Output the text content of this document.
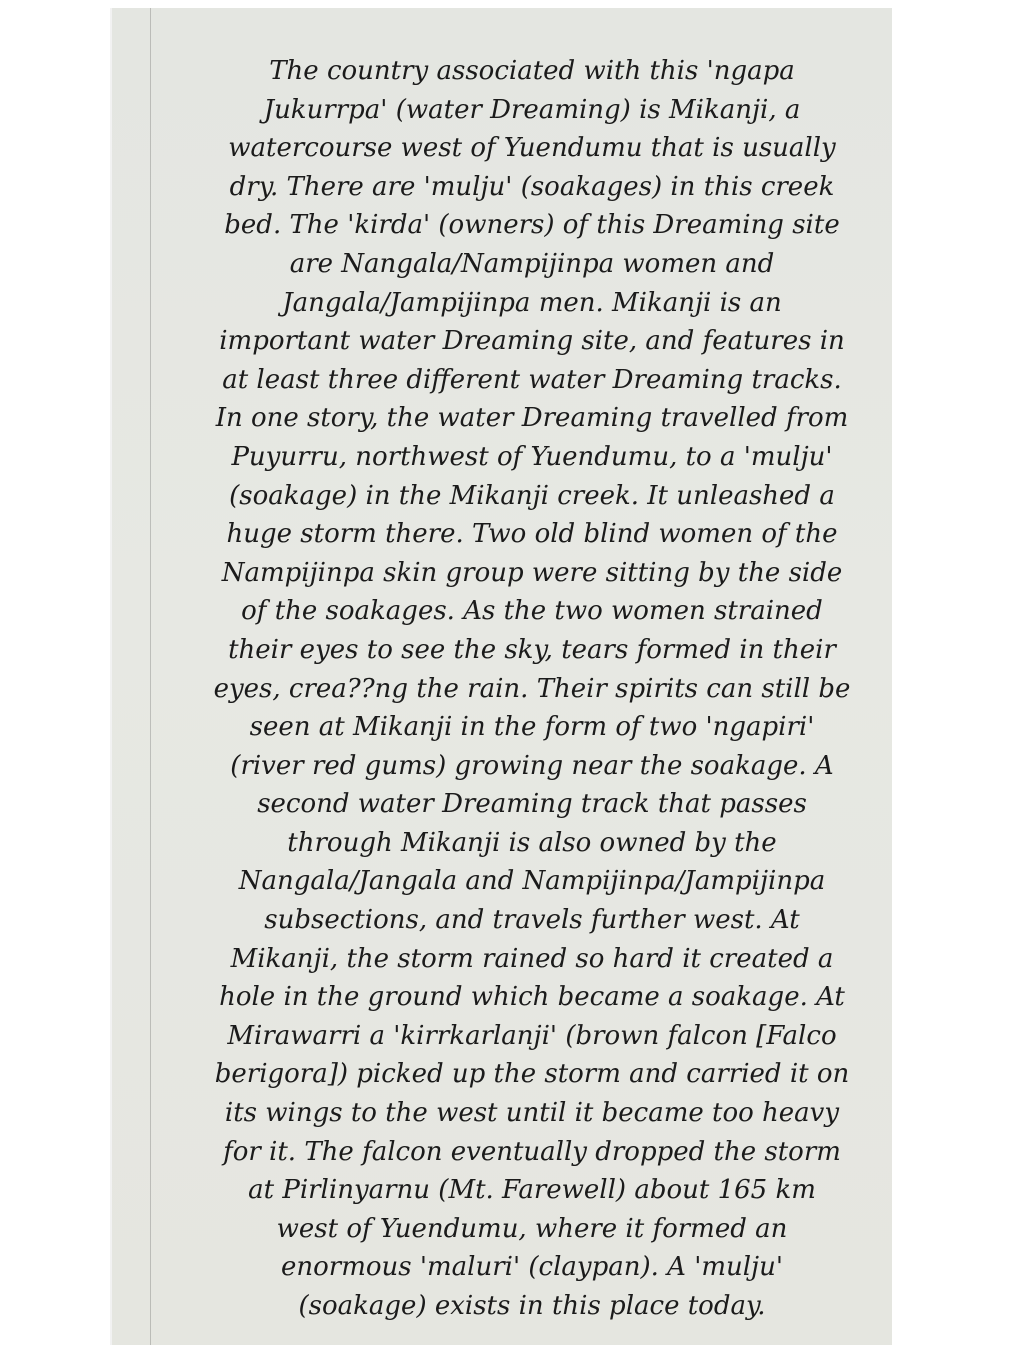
The country associated with this 'ngapa
Jukurrpa' (water Dreaming) is Mikanji, a
watercourse west of Yuendumu that is usually
dry. There are 'mulju' (soakages) in this creek
bed. The 'kirda' (owners) of this Dreaming site
are Nangala/Nampijinpa women and
Jangala/Jampijinpa men. Mikanji is an
important water Dreaming site, and features in
at least three different water Dreaming tracks.
In one story, the water Dreaming travelled from
Puyurru, northwest of Yuendumu, to a 'mulju'
(soakage) in the Mikanji creek. It unleashed a
huge storm there. Two old blind women of the
Nampijinpa skin group were sitting by the side
of the soakages. As the two women strained
their eyes to see the sky, tears formed in their
eyes, crea??ng the rain. Their spirits can still be
seen at Mikanji in the form of two 'ngapiri'
(river red gums) growing near the soakage. A
second water Dreaming track that passes
through Mikanji is also owned by the
Nangala/Jangala and Nampijinpa/Jampijinpa
subsections, and travels further west. At
Mikanji, the storm rained so hard it created a
hole in the ground which became a soakage. At
Mirawarri a 'kirrkarlanji' (brown falcon [Falco
berigora]) picked up the storm and carried it on
its wings to the west until it became too heavy
for it. The falcon eventually dropped the storm
at Pirlinyarnu (Mt. Farewell) about 165 km
west of Yuendumu, where it formed an
enormous 'maluri' (claypan). A 'mulju'
(soakage) exists in this place today.
